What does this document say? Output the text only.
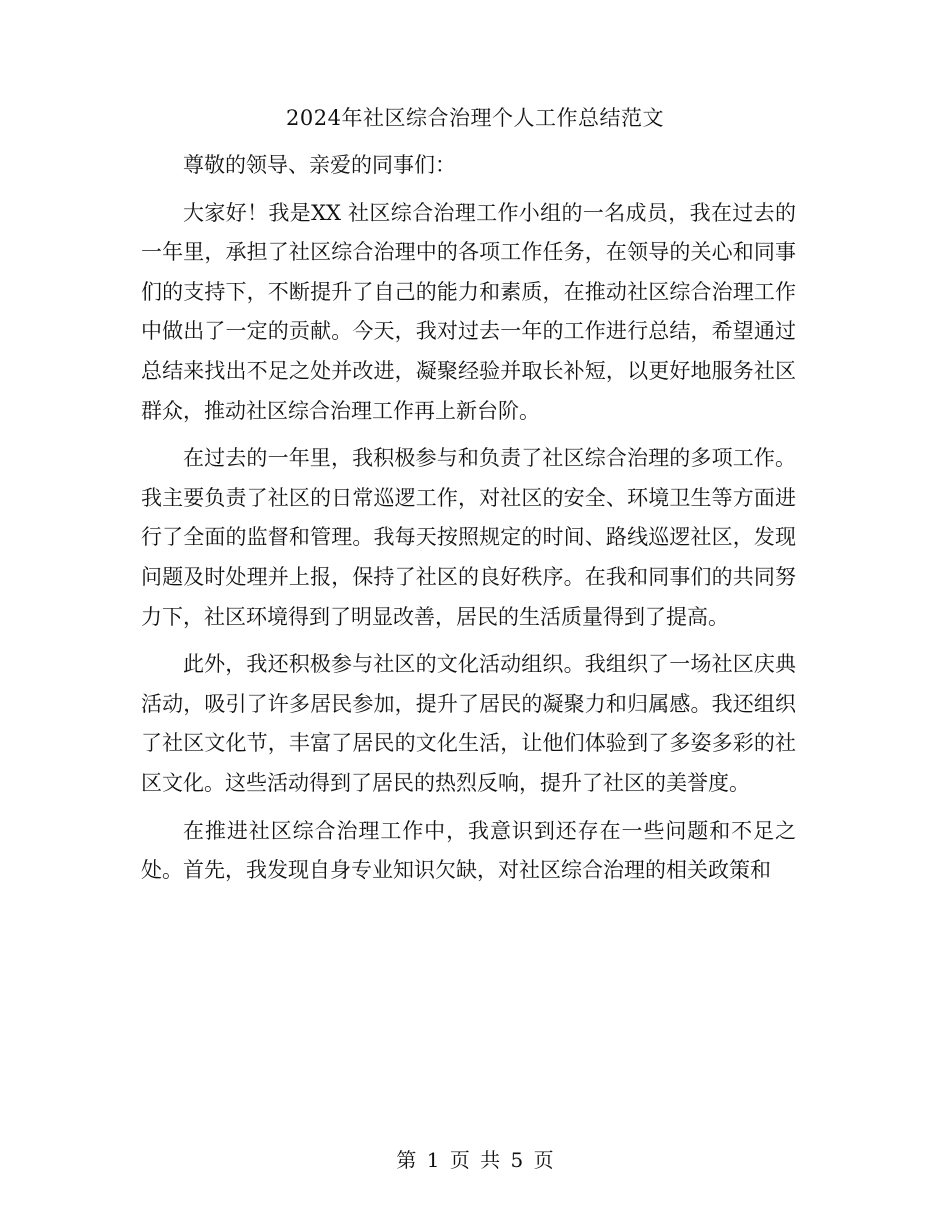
2024年社区综合治理个人工作总结范文

尊敬的领导、亲爱的同事们：

大家好！我是XX 社区综合治理工作小组的一名成员，我在过去的一年里，承担了社区综合治理中的各项工作任务，在领导的关心和同事们的支持下，不断提升了自己的能力和素质，在推动社区综合治理工作中做出了一定的贡献。今天，我对过去一年的工作进行总结，希望通过总结来找出不足之处并改进，凝聚经验并取长补短，以更好地服务社区群众，推动社区综合治理工作再上新台阶。

在过去的一年里，我积极参与和负责了社区综合治理的多项工作。我主要负责了社区的日常巡逻工作，对社区的安全、环境卫生等方面进行了全面的监督和管理。我每天按照规定的时间、路线巡逻社区，发现问题及时处理并上报，保持了社区的良好秩序。在我和同事们的共同努力下，社区环境得到了明显改善，居民的生活质量得到了提高。

此外，我还积极参与社区的文化活动组织。我组织了一场社区庆典活动，吸引了许多居民参加，提升了居民的凝聚力和归属感。我还组织了社区文化节，丰富了居民的文化生活，让他们体验到了多姿多彩的社区文化。这些活动得到了居民的热烈反响，提升了社区的美誉度。

在推进社区综合治理工作中，我意识到还存在一些问题和不足之处。首先，我发现自身专业知识欠缺，对社区综合治理的相关政策和

第 1 页 共 5 页
